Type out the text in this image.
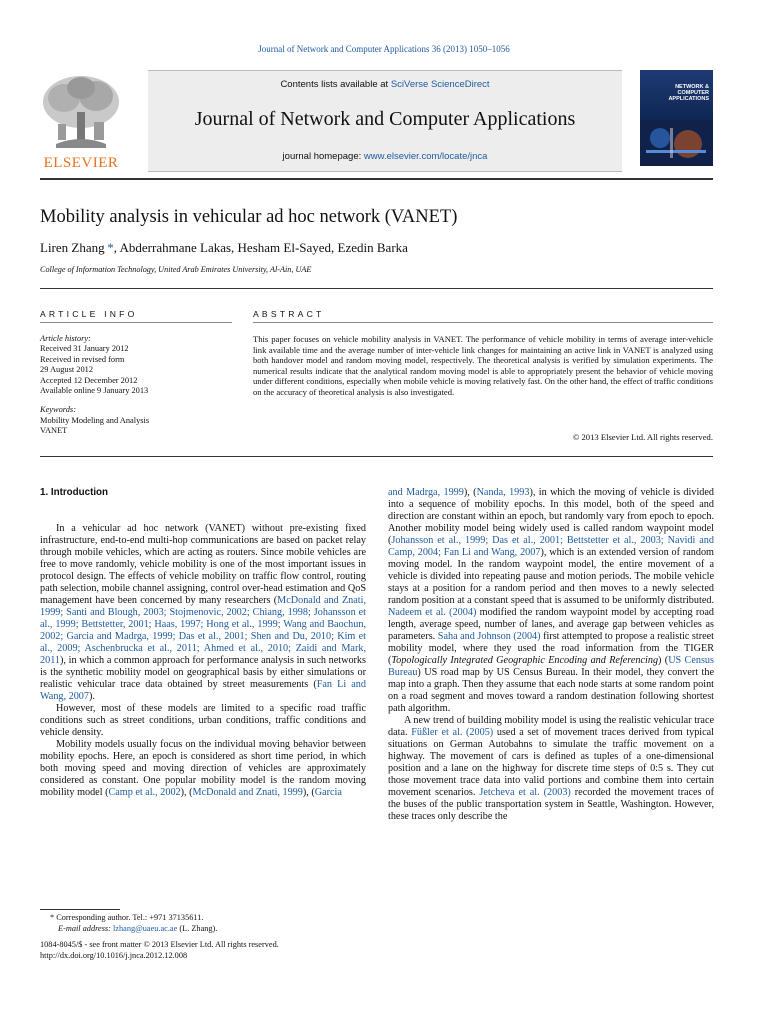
Journal of Network and Computer Applications 36 (2013) 1050–1056
Contents lists available at SciVerse ScienceDirect
Journal of Network and Computer Applications
journal homepage: www.elsevier.com/locate/jnca
ELSEVIER
NETWORK &
COMPUTER
APPLICATIONS
Mobility analysis in vehicular ad hoc network (VANET)
Liren Zhang *, Abderrahmane Lakas, Hesham El-Sayed, Ezedin Barka
College of Information Technology, United Arab Emirates University, Al-Ain, UAE
ARTICLE INFO
Article history:
Received 31 January 2012
Received in revised form
29 August 2012
Accepted 12 December 2012
Available online 9 January 2013
Keywords:
Mobility Modeling and Analysis
VANET
ABSTRACT
This paper focuses on vehicle mobility analysis in VANET. The performance of vehicle mobility in terms of average inter-vehicle link available time and the average number of inter-vehicle link changes for maintaining an active link in VANET is analyzed using both handover model and random moving model, respectively. The theoretical analysis is verified by simulation experiments. The numerical results indicate that the analytical random moving model is able to appropriately present the behavior of vehicle moving under different conditions, especially when mobile vehicle is moving relatively fast. On the other hand, the effect of traffic conditions on the accuracy of theoretical analysis is also investigated.
© 2013 Elsevier Ltd. All rights reserved.
1. Introduction

In a vehicular ad hoc network (VANET) without pre-existing fixed infrastructure, end-to-end multi-hop communications are based on packet relay through mobile vehicles, which are acting as routers. Since mobile vehicles are free to move randomly, vehicle mobility is one of the most important issues in protocol design. The effects of vehicle mobility on traffic flow control, routing path selection, mobile channel assigning, control over-head estimation and QoS management have been concerned by many researchers (McDonald and Znati, 1999; Santi and Blough, 2003; Stojmenovic, 2002; Chiang, 1998; Johansson et al., 1999; Bettstetter, 2001; Haas, 1997; Hong et al., 1999; Wang and Baochun, 2002; Garcia and Madrga, 1999; Das et al., 2001; Shen and Du, 2010; Kim et al., 2009; Aschenbrucka et al., 2011; Ahmed et al., 2010; Zaidi and Mark, 2011), in which a common approach for performance analysis in such networks is the synthetic mobility model on geographical basis by either simulations or realistic vehicular trace data obtained by street measurements (Fan Li and Wang, 2007).

However, most of these models are limited to a specific road traffic conditions such as street conditions, urban conditions, traffic conditions and vehicle density.

Mobility models usually focus on the individual moving behavior between mobility epochs. Here, an epoch is considered as short time period, in which both moving speed and moving direction of vehicles are approximately considered as constant. One popular mobility model is the random moving mobility model (Camp et al., 2002), (McDonald and Znati, 1999), (Garcia

and Madrga, 1999), (Nanda, 1993), in which the moving of vehicle is divided into a sequence of mobility epochs. In this model, both of the speed and direction are constant within an epoch, but randomly vary from epoch to epoch. Another mobility model being widely used is called random waypoint model (Johansson et al., 1999; Das et al., 2001; Bettstetter et al., 2003; Navidi and Camp, 2004; Fan Li and Wang, 2007), which is an extended version of random moving model. In the random waypoint model, the entire movement of a vehicle is divided into repeating pause and motion periods. The mobile vehicle stays at a position for a random period and then moves to a newly selected random position at a constant speed that is assumed to be uniformly distributed. Nadeem et al. (2004) modified the random waypoint model by accepting road length, average speed, number of lanes, and average gap between vehicles as parameters. Saha and Johnson (2004) first attempted to propose a realistic street mobility model, where they used the road information from the TIGER (Topologically Integrated Geographic Encoding and Referencing) (US Census Bureau) US road map by US Census Bureau. In their model, they convert the map into a graph. Then they assume that each node starts at some random point on a road segment and moves toward a random destination following shortest path algorithm.

A new trend of building mobility model is using the realistic vehicular trace data. Füßler et al. (2005) used a set of movement traces derived from typical situations on German Autobahns to simulate the traffic movement on a highway. The movement of cars is defined as tuples of a one-dimensional position and a lane on the highway for discrete time steps of 0:5 s. They cut those movement trace data into valid portions and combine them into certain movement scenarios. Jetcheva et al. (2003) recorded the movement traces of the buses of the public transportation system in Seattle, Washington. However, these traces only describe the

* Corresponding author. Tel.: +971 37135611.
E-mail address: lzhang@uaeu.ac.ae (L. Zhang).
1084-8045/$ - see front matter © 2013 Elsevier Ltd. All rights reserved.
http://dx.doi.org/10.1016/j.jnca.2012.12.008
